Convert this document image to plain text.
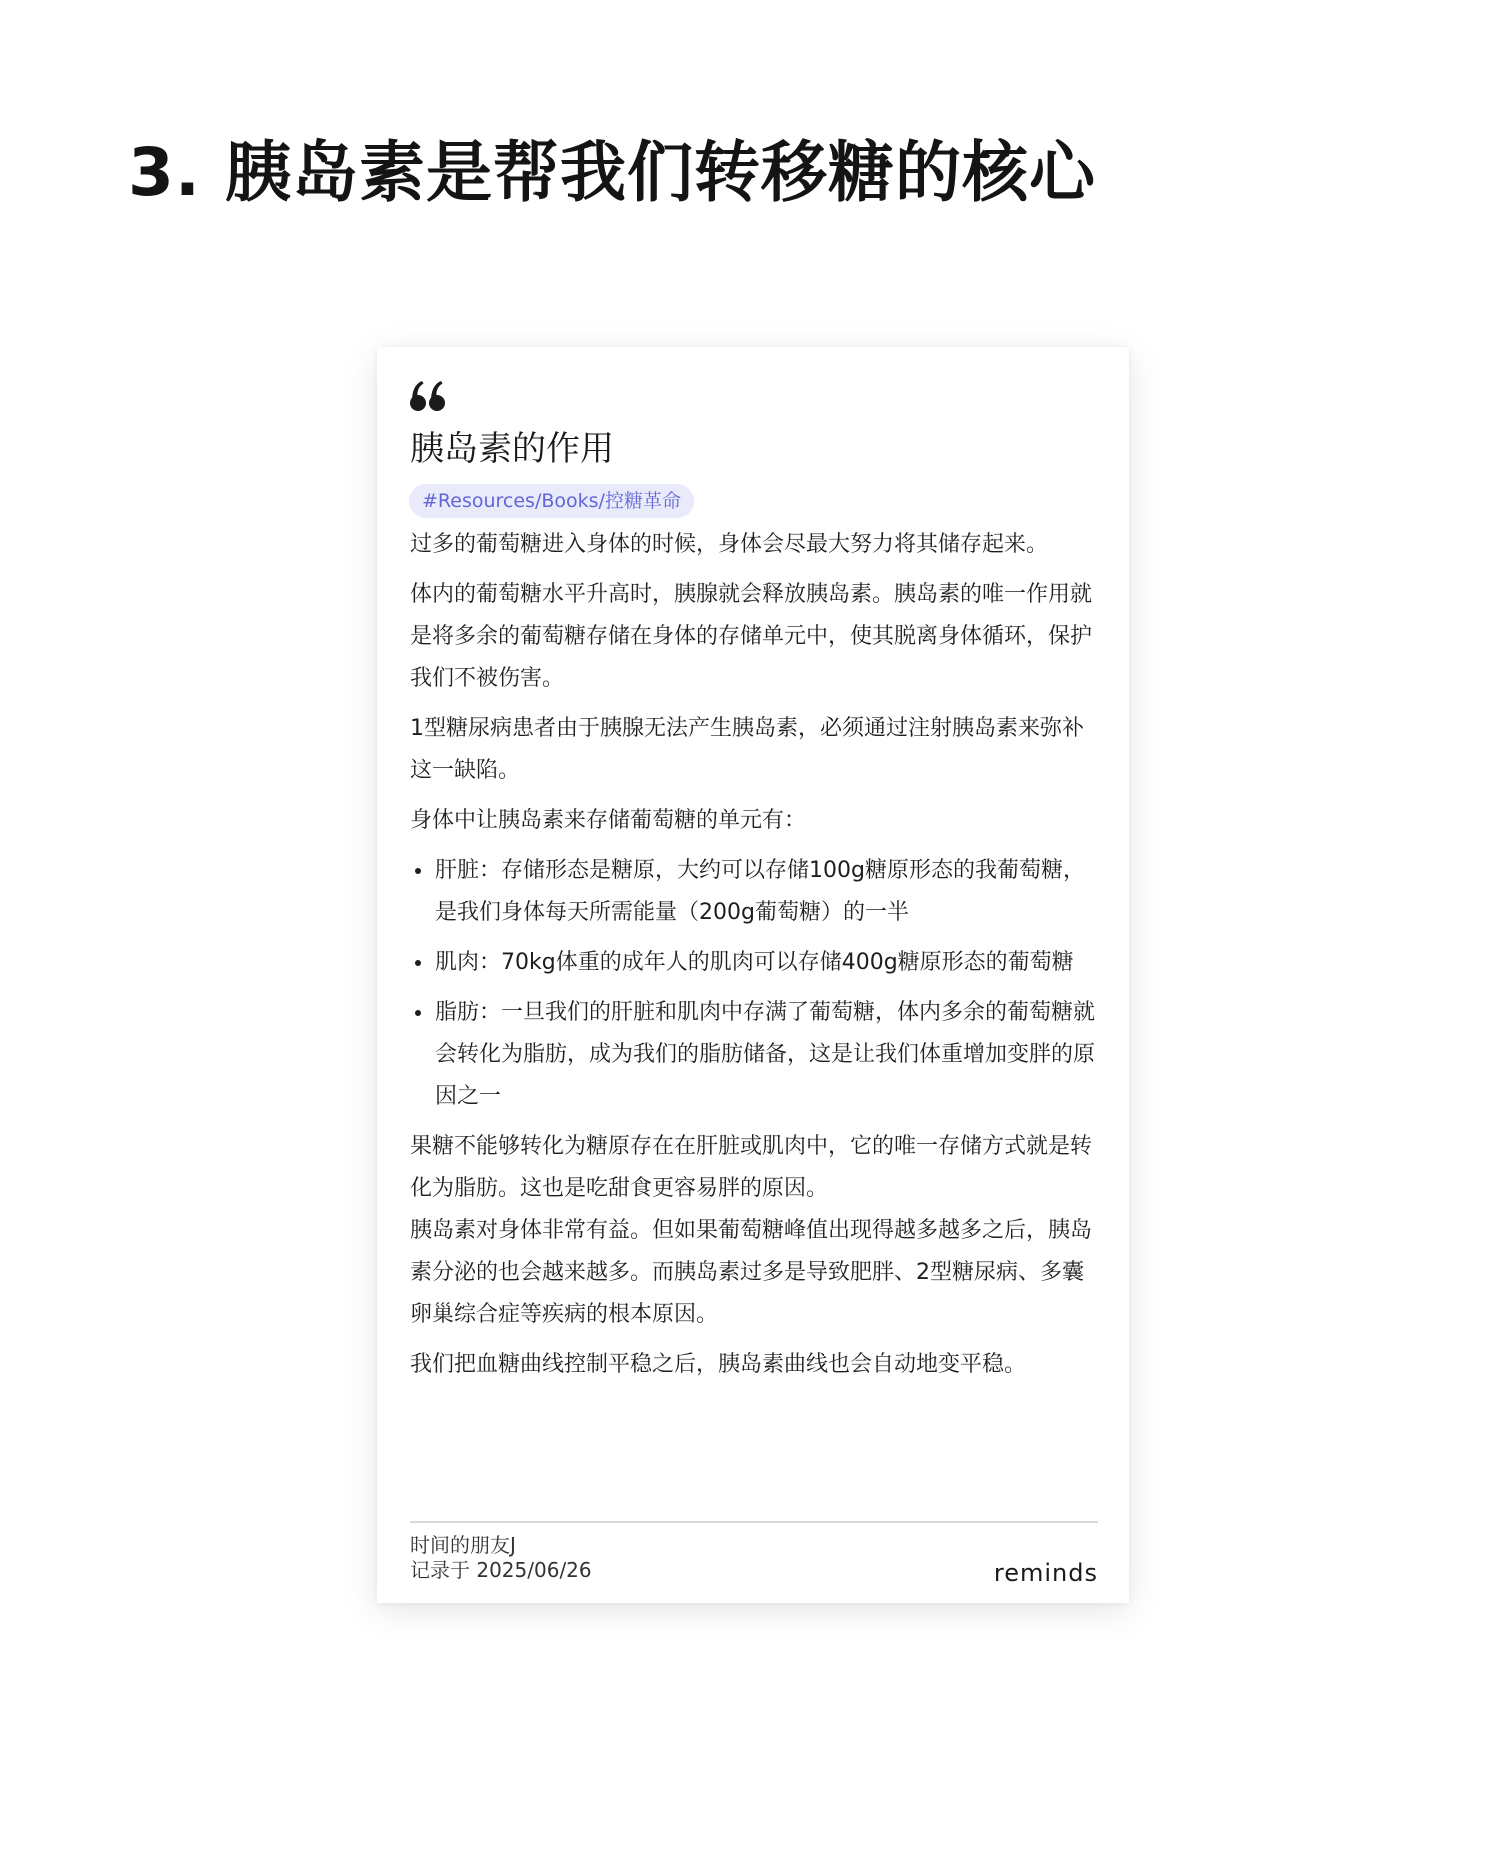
3. 胰岛素是帮我们转移糖的核心
胰岛素的作用
#Resources/Books/控糖革命

过多的葡萄糖进入身体的时候，身体会尽最大努力将其储存起来。

体内的葡萄糖水平升高时，胰腺就会释放胰岛素。胰岛素的唯一作用就是将多余的葡萄糖存储在身体的存储单元中，使其脱离身体循环，保护我们不被伤害。

1型糖尿病患者由于胰腺无法产生胰岛素，必须通过注射胰岛素来弥补这一缺陷。

身体中让胰岛素来存储葡萄糖的单元有：

肝脏：存储形态是糖原，大约可以存储100g糖原形态的我葡萄糖，是我们身体每天所需能量（200g葡萄糖）的一半
肌肉：70kg体重的成年人的肌肉可以存储400g糖原形态的葡萄糖
脂肪：一旦我们的肝脏和肌肉中存满了葡萄糖，体内多余的葡萄糖就会转化为脂肪，成为我们的脂肪储备，这是让我们体重增加变胖的原因之一

果糖不能够转化为糖原存在在肝脏或肌肉中，它的唯一存储方式就是转化为脂肪。这也是吃甜食更容易胖的原因。

胰岛素对身体非常有益。但如果葡萄糖峰值出现得越多越多之后，胰岛素分泌的也会越来越多。而胰岛素过多是导致肥胖、2型糖尿病、多囊卵巢综合症等疾病的根本原因。

我们把血糖曲线控制平稳之后，胰岛素曲线也会自动地变平稳。

时间的朋友J
记录于 2025/06/26	reminds
